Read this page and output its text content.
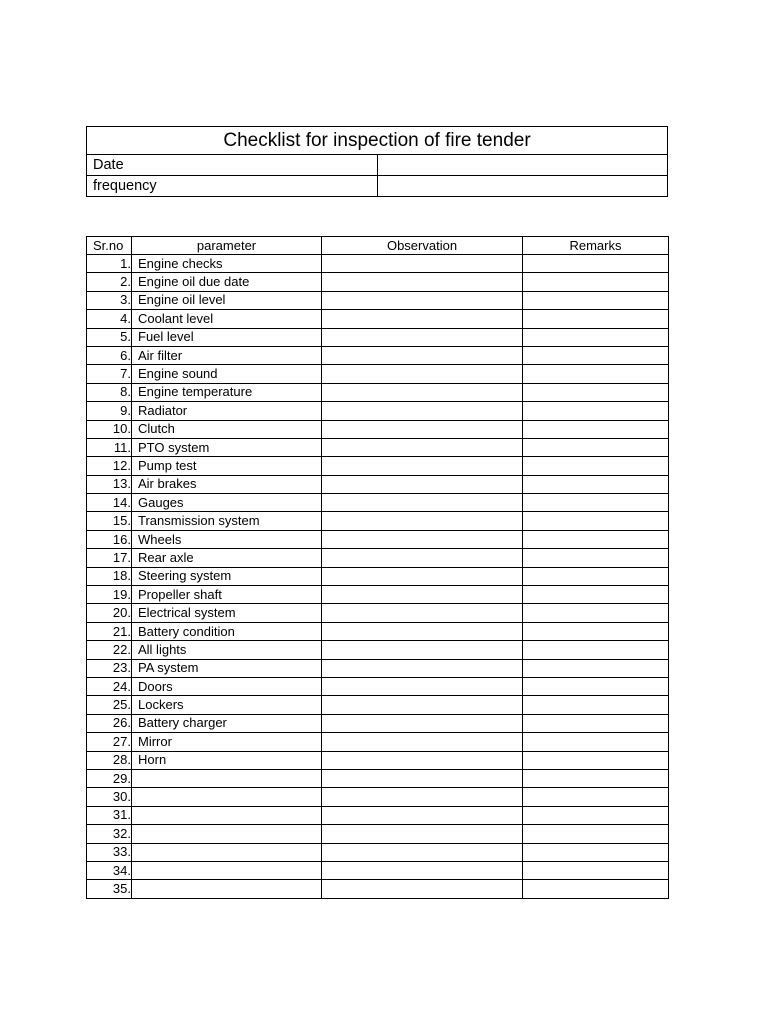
Checklist for inspection of fire tender	
Date	
frequency	
Sr.no	parameter	Observation	Remarks
1.	Engine checks		
2.	Engine oil due date		
3.	Engine oil level		
4.	Coolant level		
5.	Fuel level		
6.	Air filter		
7.	Engine sound		
8.	Engine temperature		
9.	Radiator		
10.	Clutch		
11.	PTO system		
12.	Pump test		
13.	Air brakes		
14.	Gauges		
15.	Transmission system		
16.	Wheels		
17.	Rear axle		
18.	Steering system		
19.	Propeller shaft		
20.	Electrical system		
21.	Battery condition		
22.	All lights		
23.	PA system		
24.	Doors		
25.	Lockers		
26.	Battery charger		
27.	Mirror		
28.	Horn		
29.			
30.			
31.			
32.			
33.			
34.			
35.			
